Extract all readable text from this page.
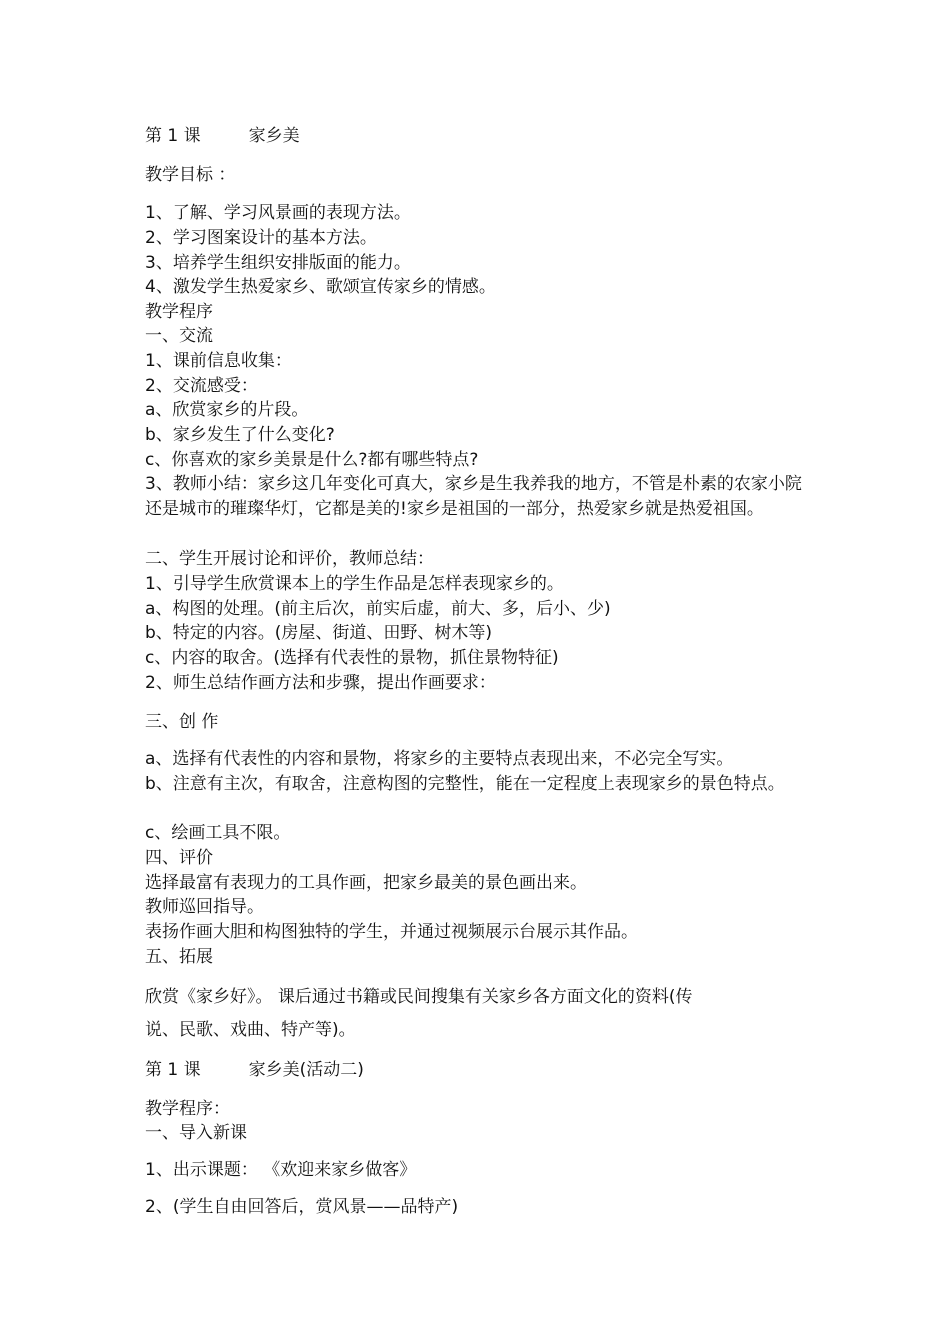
第 1 课	家乡美
教学目标 ：
1、了解、学习风景画的表现方法。
2、学习图案设计的基本方法。
3、培养学生组织安排版面的能力。
4、激发学生热爱家乡、歌颂宣传家乡的情感。
教学程序
一、交流
1、课前信息收集：
2、交流感受：
a、欣赏家乡的片段。
b、家乡发生了什么变化?
c、你喜欢的家乡美景是什么?都有哪些特点?
3、教师小结：家乡这几年变化可真大，家乡是生我养我的地方，不管是朴素的农家小院还是城市的璀璨华灯，它都是美的!家乡是祖国的一部分，热爱家乡就是热爱祖国。
二、学生开展讨论和评价，教师总结：
1、引导学生欣赏课本上的学生作品是怎样表现家乡的。
a、构图的处理。(前主后次，前实后虚，前大、多，后小、少)
b、特定的内容。(房屋、街道、田野、树木等)
c、内容的取舍。(选择有代表性的景物，抓住景物特征)
2、师生总结作画方法和步骤，提出作画要求：
三、创 作
a、选择有代表性的内容和景物，将家乡的主要特点表现出来，不必完全写实。
b、注意有主次，有取舍，注意构图的完整性，能在一定程度上表现家乡的景色特点。
c、绘画工具不限。
四、评价
选择最富有表现力的工具作画，把家乡最美的景色画出来。
教师巡回指导。
表扬作画大胆和构图独特的学生，并通过视频展示台展示其作品。
五、拓展
欣赏《家乡好》。 课后通过书籍或民间搜集有关家乡各方面文化的资料(传
说、民歌、戏曲、特产等)。
第 1 课	家乡美(活动二)
教学程序：
一、导入新课
1、出示课题： 《欢迎来家乡做客》
2、(学生自由回答后，赏风景——品特产)
